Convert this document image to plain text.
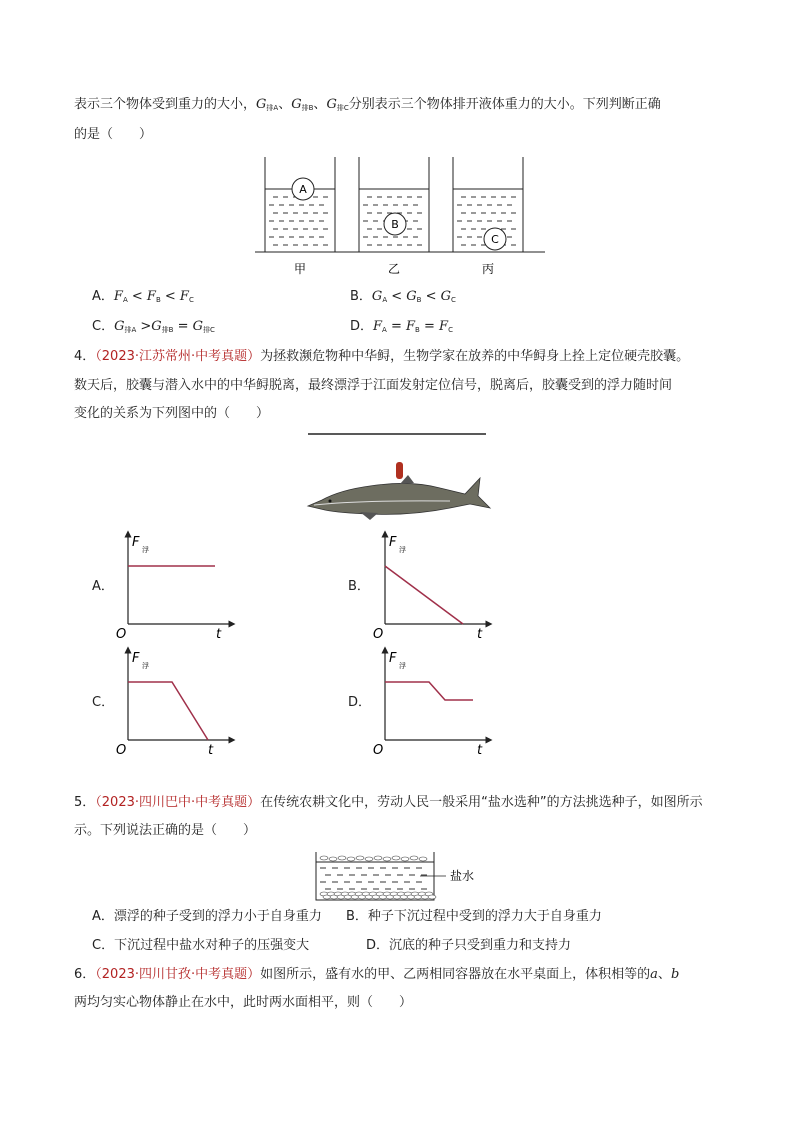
表示三个物体受到重力的大小，$G_{排A}$、$G_{排B}$、$G_{排C}$分别表示三个物体排开液体重力的大小。下列判断正确
的是（　　）
A
B
C
甲	乙	丙
A．$F_A < F_B < F_C$	B．$G_A < G_B < G_C$
C．$G_{排A} >G_{排B} = G_{排C}$	D．$F_A = F_B = F_C$
4．（2023·江苏常州·中考真题）为拯救濒危物种中华鲟，生物学家在放养的中华鲟身上拴上定位硬壳胶囊。
数天后，胶囊与潜入水中的中华鲟脱离，最终漂浮于江面发射定位信号，脱离后，胶囊受到的浮力随时间
变化的关系为下列图中的（　　）
A．	B．
C．	D．
F 浮
O	t
F 浮
O	t
F 浮
O	t
F 浮
O	t
5．（2023·四川巴中·中考真题）在传统农耕文化中，劳动人民一般采用“盐水选种”的方法挑选种子，如图所示
示。下列说法正确的是（　　）
盐水
A．漂浮的种子受到的浮力小于自身重力 B．种子下沉过程中受到的浮力大于自身重力
C．下沉过程中盐水对种子的压强变大	D．沉底的种子只受到重力和支持力
6．（2023·四川甘孜·中考真题）如图所示，盛有水的甲、乙两相同容器放在水平桌面上，体积相等的a、b
两均匀实心物体静止在水中，此时两水面相平，则（　　）
